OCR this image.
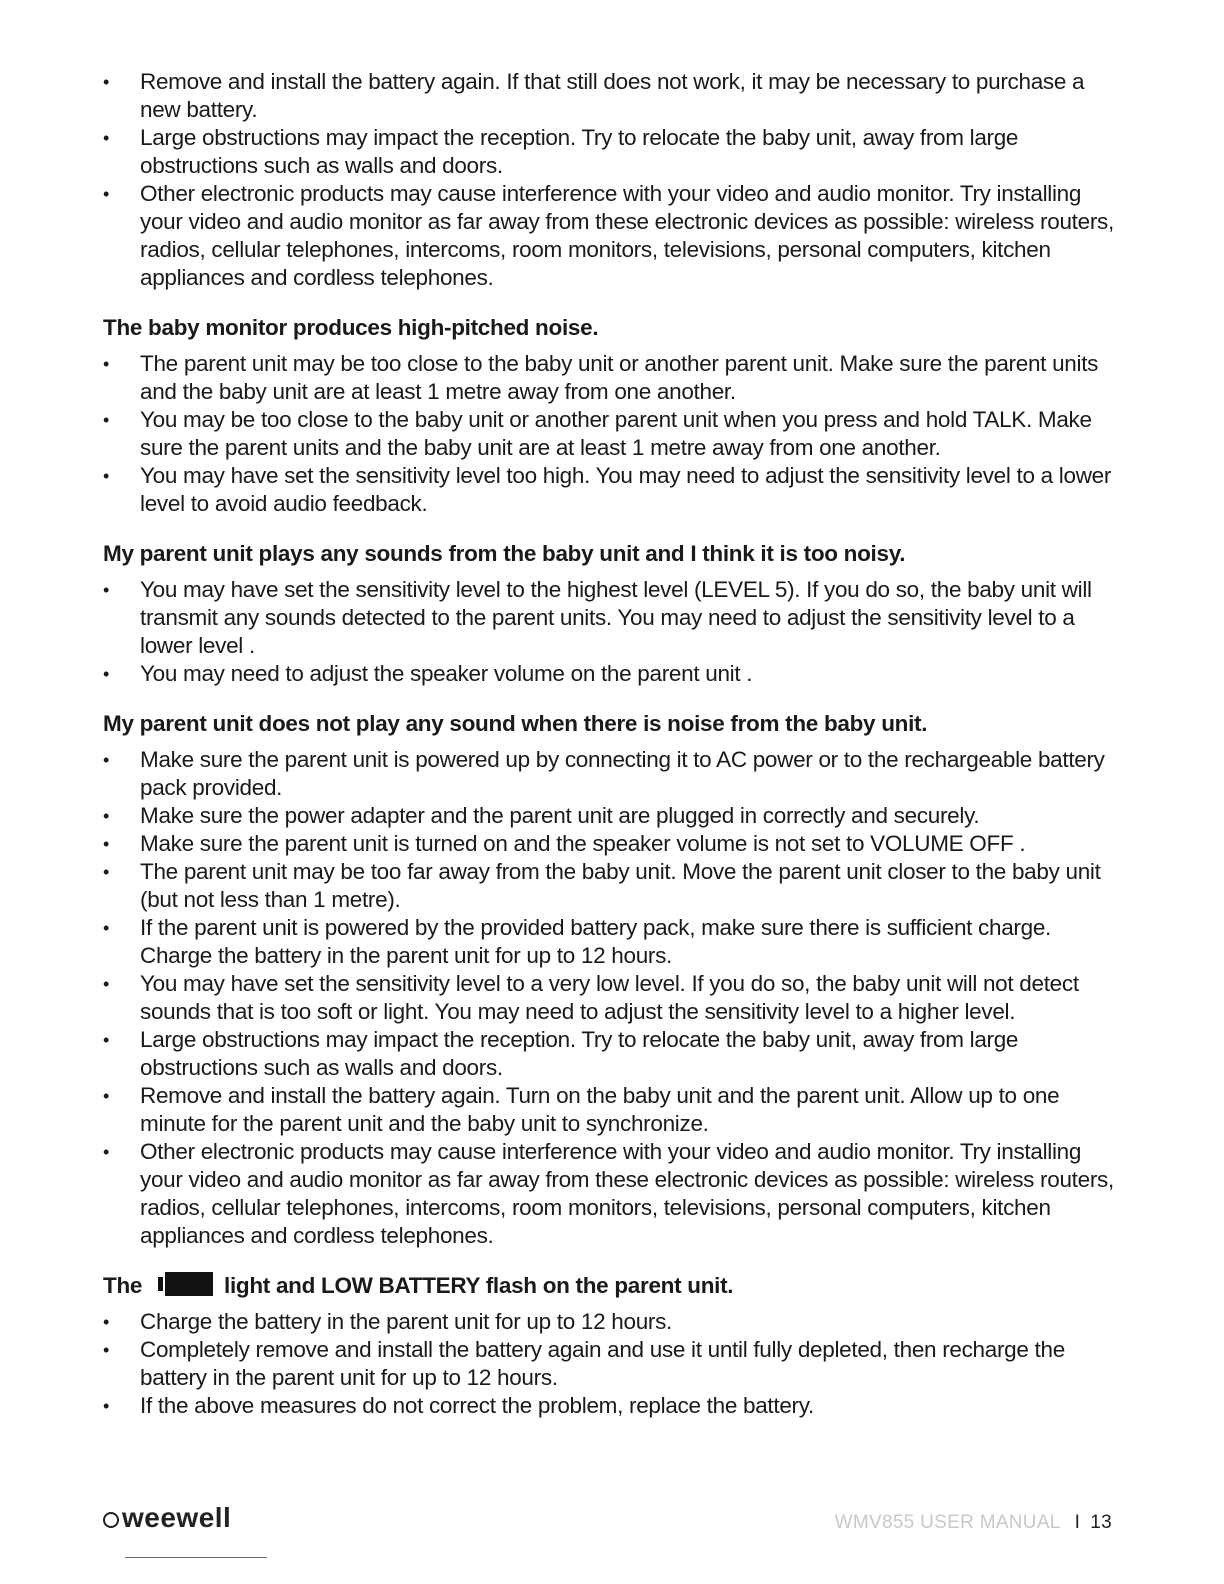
• Remove and install the battery again. If that still does not work, it may be necessary to purchase a new battery.
• Large obstructions may impact the reception. Try to relocate the baby unit, away from large obstructions such as walls and doors.
• Other electronic products may cause interference with your video and audio monitor. Try installing your video and audio monitor as far away from these electronic devices as possible: wireless routers, radios, cellular telephones, intercoms, room monitors, televisions, personal computers, kitchen appliances and cordless telephones.
The baby monitor produces high-pitched noise.
• The parent unit may be too close to the baby unit or another parent unit. Make sure the parent units and the baby unit are at least 1 metre away from one another.
• You may be too close to the baby unit or another parent unit when you press and hold TALK. Make sure the parent units and the baby unit are at least 1 metre away from one another.
• You may have set the sensitivity level too high. You may need to adjust the sensitivity level to a lower level to avoid audio feedback.
My parent unit plays any sounds from the baby unit and I think it is too noisy.
• You may have set the sensitivity level to the highest level (LEVEL 5). If you do so, the baby unit will transmit any sounds detected to the parent units. You may need to adjust the sensitivity level to a lower level .
• You may need to adjust the speaker volume on the parent unit .
My parent unit does not play any sound when there is noise from the baby unit.
• Make sure the parent unit is powered up by connecting it to AC power or to the rechargeable battery pack provided.
• Make sure the power adapter and the parent unit are plugged in correctly and securely.
• Make sure the parent unit is turned on and the speaker volume is not set to VOLUME OFF .
• The parent unit may be too far away from the baby unit. Move the parent unit closer to the baby unit (but not less than 1 metre).
• If the parent unit is powered by the provided battery pack, make sure there is sufficient charge. Charge the battery in the parent unit for up to 12 hours.
• You may have set the sensitivity level to a very low level. If you do so, the baby unit will not detect sounds that is too soft or light. You may need to adjust the sensitivity level to a higher level.
• Large obstructions may impact the reception. Try to relocate the baby unit, away from large obstructions such as walls and doors.
• Remove and install the battery again. Turn on the baby unit and the parent unit. Allow up to one minute for the parent unit and the baby unit to synchronize.
• Other electronic products may cause interference with your video and audio monitor. Try installing your video and audio monitor as far away from these electronic devices as possible: wireless routers, radios, cellular telephones, intercoms, room monitors, televisions, personal computers, kitchen appliances and cordless telephones.
The	light and LOW BATTERY flash on the parent unit.
• Charge the battery in the parent unit for up to 12 hours.
• Completely remove and install the battery again and use it until fully depleted, then recharge the battery in the parent unit for up to 12 hours.
• If the above measures do not correct the problem, replace the battery.
weewell	WMV855 USER MANUAL I 13
